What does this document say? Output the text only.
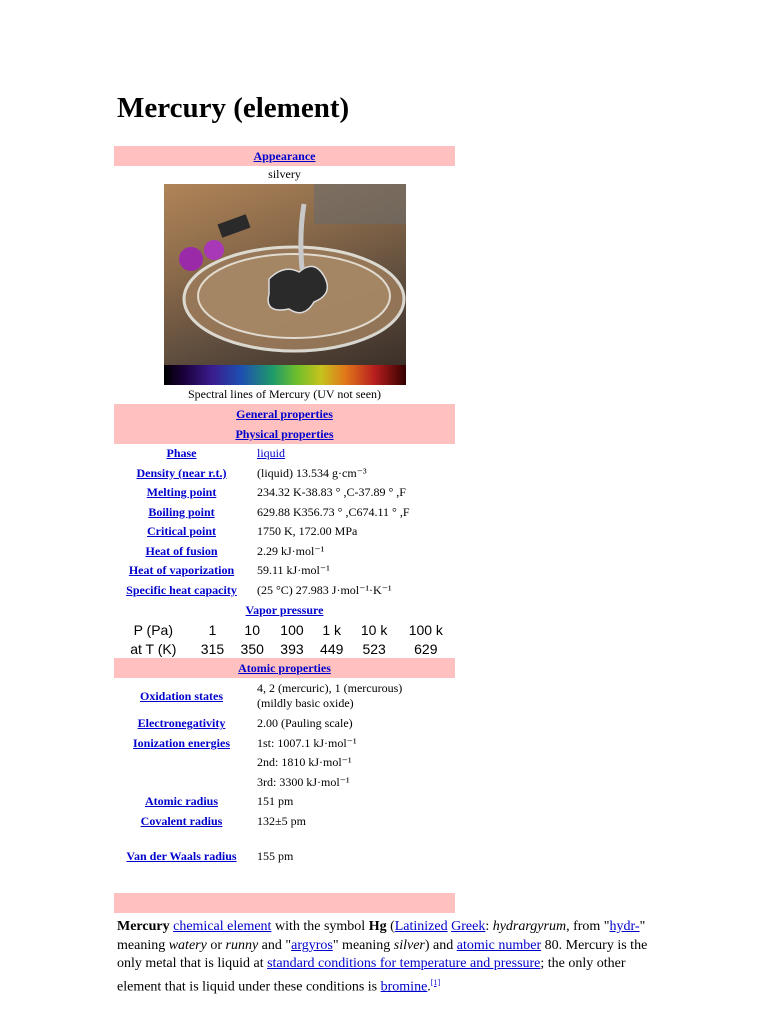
Mercury (element)
Appearance
silvery
Spectral lines of Mercury (UV not seen)
General properties
Physical properties
Phase	liquid
Density (near r.t.)	(liquid) 13.534 g·cm⁻³
Melting point	234.32 K-38.83 ° ,C-37.89 ° ,F
Boiling point	629.88 K356.73 ° ,C674.11 ° ,F
Critical point	1750 K, 172.00 MPa
Heat of fusion	2.29 kJ·mol⁻¹
Heat of vaporization	59.11 kJ·mol⁻¹
Specific heat capacity	(25 °C) 27.983 J·mol⁻¹·K⁻¹
Vapor pressure
P (Pa)	1	10	100	1 k	10 k	100 k
at T (K)	315	350	393	449	523	629
Atomic properties
Oxidation states	4, 2 (mercuric), 1 (mercurous)
(mildly basic oxide)

Electronegativity	2.00 (Pauling scale)
Ionization energies	1st: 1007.1 kJ·mol⁻¹
	2nd: 1810 kJ·mol⁻¹
	3rd: 3300 kJ·mol⁻¹
Atomic radius	151 pm
Covalent radius	132±5 pm
Van der Waals radius	155 pm
Mercury chemical element with the symbol Hg (Latinized Greek: hydrargyrum, from "hydr-" meaning watery or runny and "argyros" meaning silver) and atomic number 80. Mercury is the only metal that is liquid at standard conditions for temperature and pressure; the only other element that is liquid under these conditions is bromine.[1]
